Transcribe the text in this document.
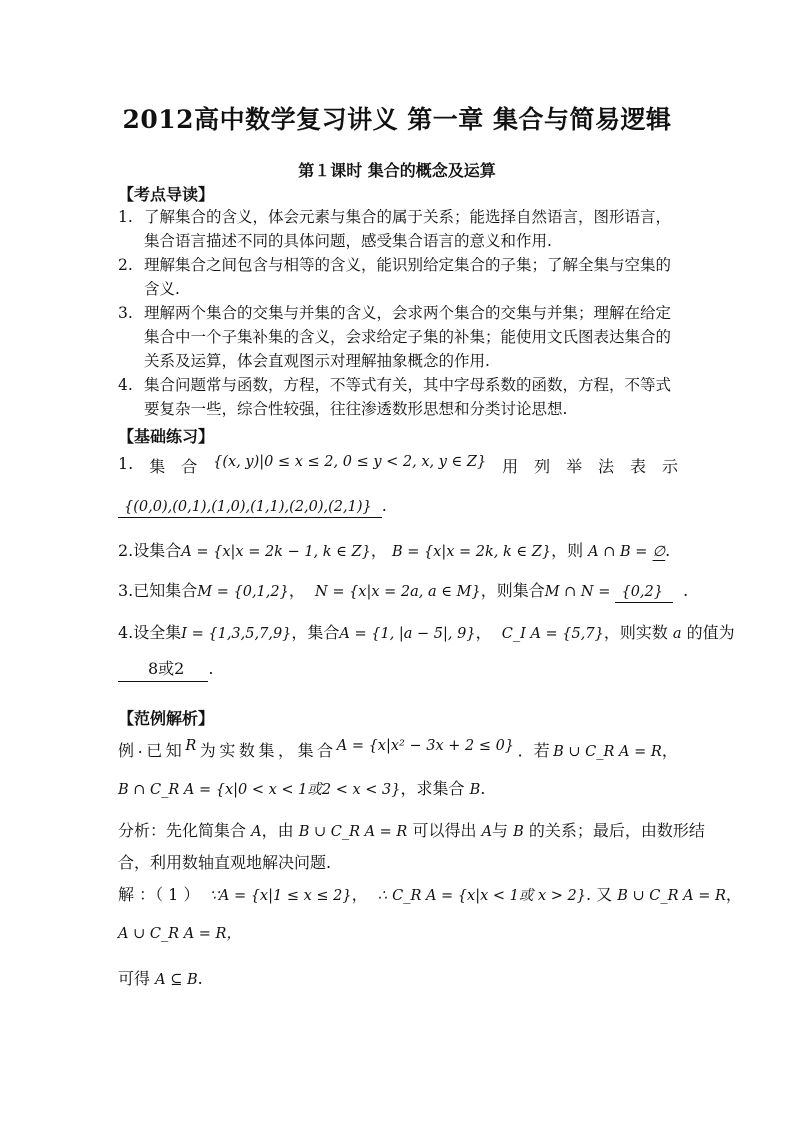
2012高中数学复习讲义 第一章 集合与简易逻辑
第１课时 集合的概念及运算
【考点导读】
1. 了解集合的含义，体会元素与集合的属于关系；能选择自然语言，图形语言，集合语言描述不同的具体问题，感受集合语言的意义和作用.
2. 理解集合之间包含与相等的含义，能识别给定集合的子集；了解全集与空集的含义.
3. 理解两个集合的交集与并集的含义，会求两个集合的交集与并集；理解在给定集合中一个子集补集的含义，会求给定子集的补集；能使用文氏图表达集合的关系及运算，体会直观图示对理解抽象概念的作用.
4. 集合问题常与函数，方程，不等式有关，其中字母系数的函数，方程，不等式要复杂一些，综合性较强，往往渗透数形思想和分类讨论思想.
【基础练习】
1. 集 合 {(x, y)|0 ≤ x ≤ 2, 0 ≤ y < 2, x, y ∈ Z} 用 列 举 法 表 示
{(0,0),(0,1),(1,0),(1,1),(2,0),(2,1)} .
2.设集合A = {x|x = 2k − 1, k ∈ Z}， B = {x|x = 2k, k ∈ Z}，则 A ∩ B = ∅.
3.已知集合M = {0,1,2}， N = {x|x = 2a, a ∈ M}，则集合M ∩ N = {0,2} .
4.设全集I = {1,3,5,7,9}，集合A = {1, |a − 5|, 9}， C_I A = {5,7}，则实数 a 的值为
8或2 .
【范例解析】
例 . 已 知 R 为 实 数 集 ， 集 合 A = {x|x² − 3x + 2 ≤ 0} ．若 B ∪ C_R A = R，
B ∩ C_R A = {x|0 < x < 1或2 < x < 3}，求集合 B.
分析：先化简集合 A，由 B ∪ C_R A = R 可以得出 A与 B 的关系；最后，由数形结
合，利用数轴直观地解决问题.
解 ：（ 1 ） ∵A = {x|1 ≤ x ≤ 2}， ∴ C_R A = {x|x < 1或 x > 2}. 又 B ∪ C_R A = R，
A ∪ C_R A = R，
可得 A ⊆ B.
